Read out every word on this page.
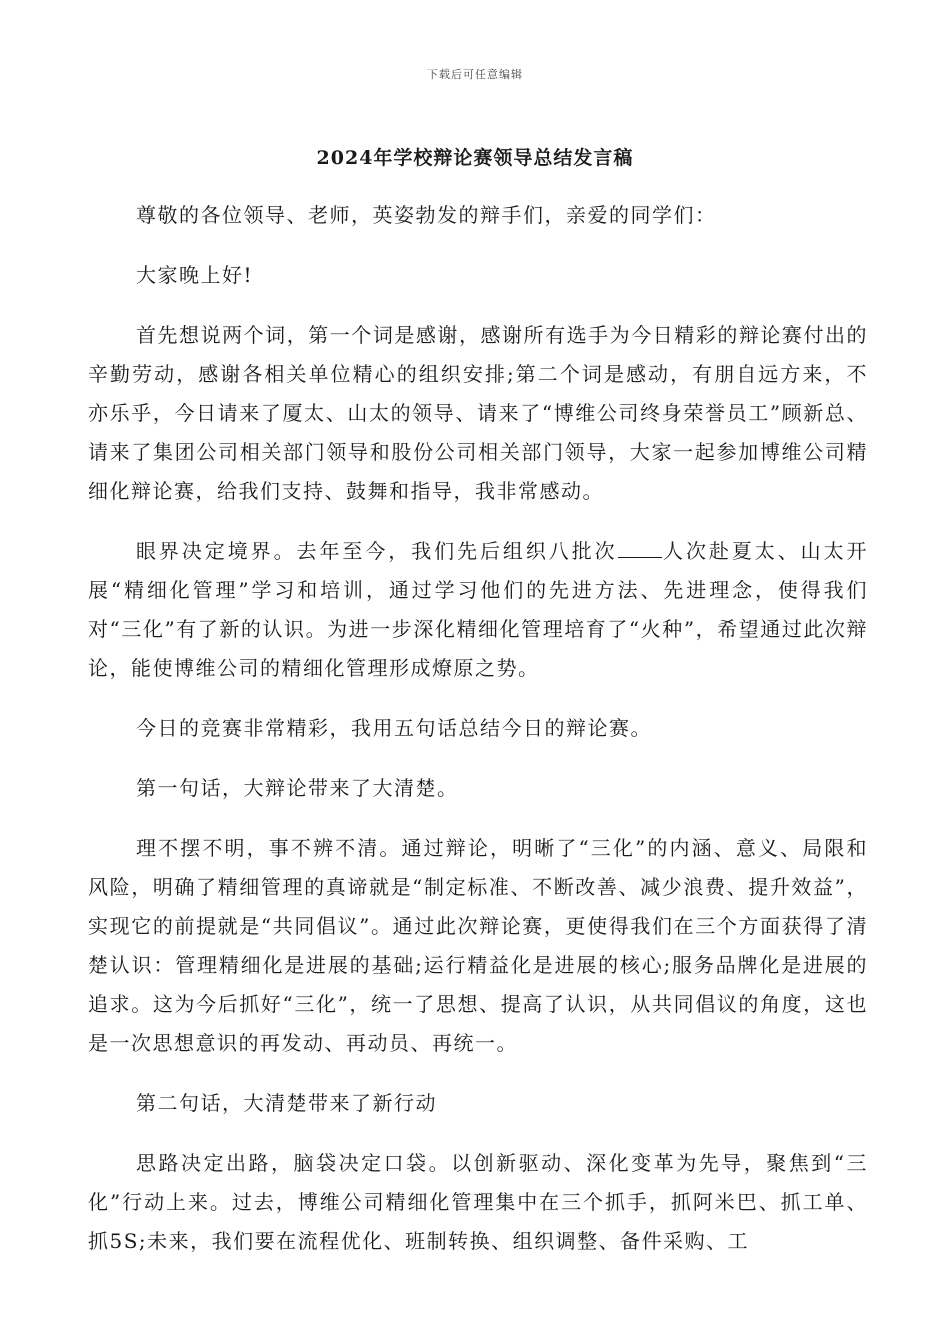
下载后可任意编辑
2024年学校辩论赛领导总结发言稿

尊敬的各位领导、老师，英姿勃发的辩手们，亲爱的同学们：

大家晚上好!

首先想说两个词，第一个词是感谢，感谢所有选手为今日精彩的辩论赛付出的辛勤劳动，感谢各相关单位精心的组织安排;第二个词是感动，有朋自远方来，不亦乐乎，今日请来了厦太、山太的领导、请来了“博维公司终身荣誉员工”顾新总、请来了集团公司相关部门领导和股份公司相关部门领导，大家一起参加博维公司精细化辩论赛，给我们支持、鼓舞和指导，我非常感动。

眼界决定境界。去年至今，我们先后组织八批次 人次赴夏太、山太开展“精细化管理”学习和培训，通过学习他们的先进方法、先进理念，使得我们对“三化”有了新的认识。为进一步深化精细化管理培育了“火种”，希望通过此次辩论，能使博维公司的精细化管理形成燎原之势。

今日的竞赛非常精彩，我用五句话总结今日的辩论赛。

第一句话，大辩论带来了大清楚。

理不摆不明，事不辨不清。通过辩论，明晰了“三化”的内涵、意义、局限和风险，明确了精细管理的真谛就是“制定标准、不断改善、减少浪费、提升效益”，实现它的前提就是“共同倡议”。通过此次辩论赛，更使得我们在三个方面获得了清楚认识：管理精细化是进展的基础;运行精益化是进展的核心;服务品牌化是进展的追求。这为今后抓好“三化”，统一了思想、提高了认识，从共同倡议的角度，这也是一次思想意识的再发动、再动员、再统一。

第二句话，大清楚带来了新行动

思路决定出路，脑袋决定口袋。以创新驱动、深化变革为先导，聚焦到“三化”行动上来。过去，博维公司精细化管理集中在三个抓手，抓阿米巴、抓工单、抓5S;未来，我们要在流程优化、班制转换、组织调整、备件采购、工
